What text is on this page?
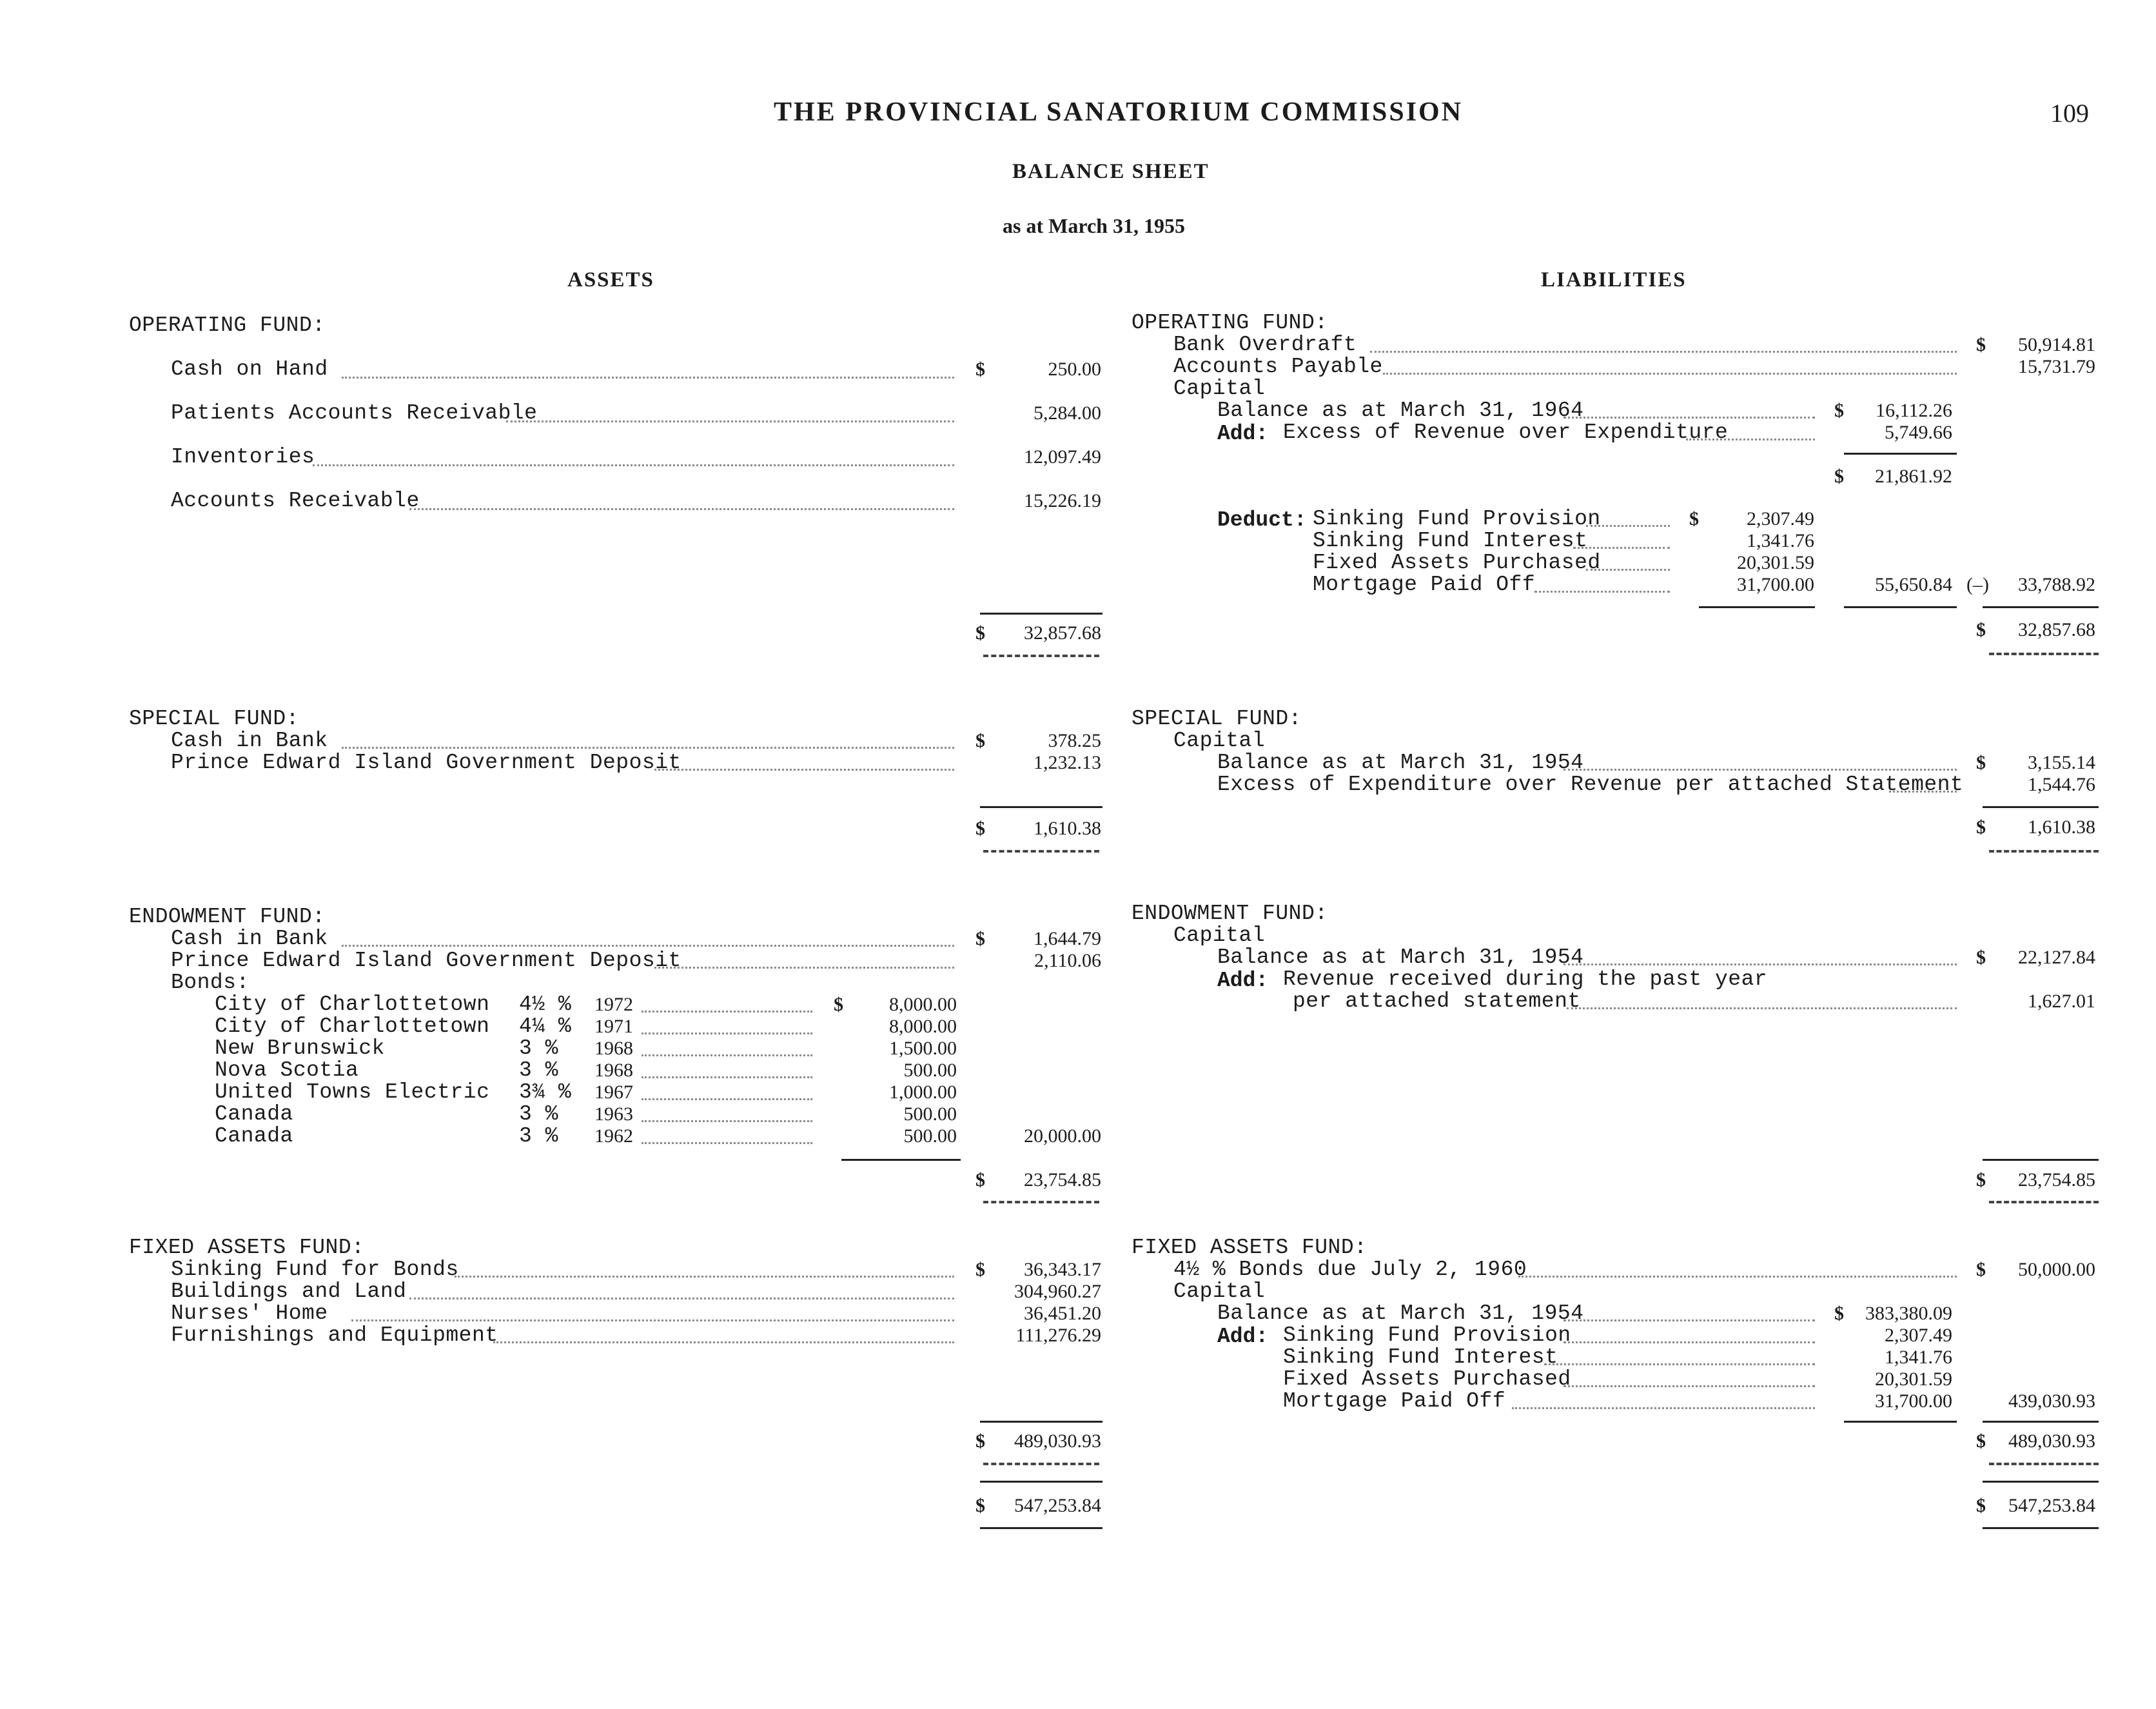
THE PROVINCIAL SANATORIUM COMMISSION	109
BALANCE SHEET
as at March 31, 1955
ASSETS	LIABILITIES
OPERATING FUND:
Cash on Hand	$	250.00
Patients Accounts Receivable	5,284.00
Inventories	12,097.49
Accounts Receivable	15,226.19
$ 32,857.68
SPECIAL FUND:
Cash in Bank	$	378.25
Prince Edward Island Government Deposit	1,232.13
$	1,610.38
ENDOWMENT FUND:
Cash in Bank	$	1,644.79
Prince Edward Island Government Deposit	2,110.06
Bonds:
City of Charlottetown 4½ % 1972	$ 8,000.00
City of Charlottetown 4¼ % 1971	8,000.00
New Brunswick	3 % 1968	1,500.00
Nova Scotia	3 % 1968	500.00
United Towns Electric 3¾ % 1967	1,000.00
Canada	3 % 1963	500.00
Canada	3 % 1962	500.00	20,000.00
$ 23,754.85
FIXED ASSETS FUND:
Sinking Fund for Bonds	$ 36,343.17
Buildings and Land	304,960.27
Nurses' Home	36,451.20
Furnishings and Equipment	111,276.29
$ 489,030.93
$ 547,253.84
OPERATING FUND:
Bank Overdraft	$ 50,914.81
Accounts Payable	15,731.79
Capital
Balance as at March 31, 1964	$ 16,112.26
Add: Excess of Revenue over Expenditure	5,749.66
$ 21,861.92
Deduct: Sinking Fund Provision	$ 2,307.49
Sinking Fund Interest	1,341.76
Fixed Assets Purchased	20,301.59
Mortgage Paid Off	31,700.00	55,650.84 (–) 33,788.92
$ 32,857.68
SPECIAL FUND:
Capital
Balance as at March 31, 1954	$ 3,155.14
Excess of Expenditure over Revenue per attached Statement	1,544.76
$ 1,610.38
ENDOWMENT FUND:
Capital
Balance as at March 31, 1954	$ 22,127.84
Add: Revenue received during the past year
per attached statement	1,627.01
$ 23,754.85
FIXED ASSETS FUND:
4½ % Bonds due July 2, 1960	$ 50,000.00
Capital
Balance as at March 31, 1954	$ 383,380.09
Add: Sinking Fund Provision	2,307.49
Sinking Fund Interest	1,341.76
Fixed Assets Purchased	20,301.59
Mortgage Paid Off	31,700.00	439,030.93
$ 489,030.93
$ 547,253.84
